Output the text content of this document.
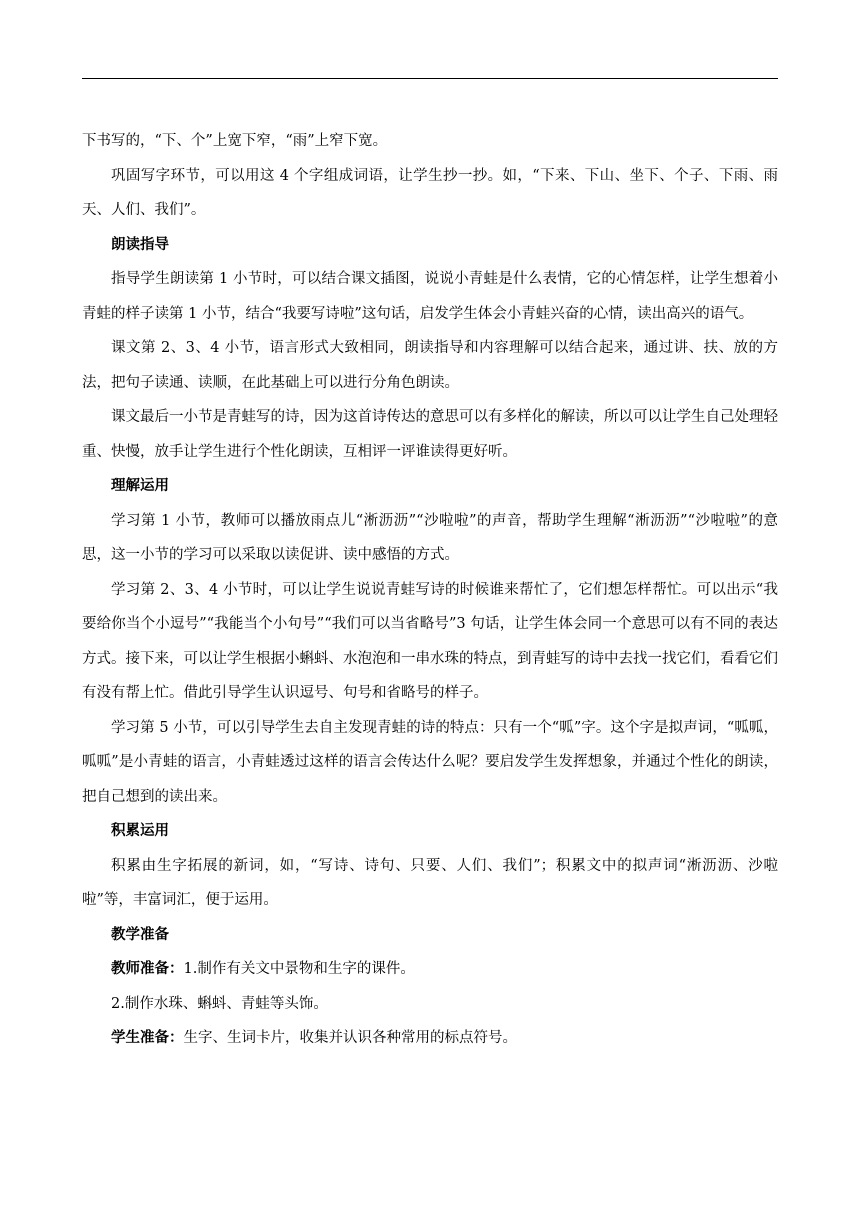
下书写的，“下、个”上宽下窄，“雨”上窄下宽。

巩固写字环节，可以用这 4 个字组成词语，让学生抄一抄。如，“下来、下山、坐下、个子、下雨、雨天、人们、我们”。

朗读指导

指导学生朗读第 1 小节时，可以结合课文插图，说说小青蛙是什么表情，它的心情怎样，让学生想着小青蛙的样子读第 1 小节，结合“我要写诗啦”这句话，启发学生体会小青蛙兴奋的心情，读出高兴的语气。

课文第 2、3、4 小节，语言形式大致相同，朗读指导和内容理解可以结合起来，通过讲、扶、放的方法，把句子读通、读顺，在此基础上可以进行分角色朗读。

课文最后一小节是青蛙写的诗，因为这首诗传达的意思可以有多样化的解读，所以可以让学生自己处理轻重、快慢，放手让学生进行个性化朗读，互相评一评谁读得更好听。

理解运用

学习第 1 小节，教师可以播放雨点儿“淅沥沥”“沙啦啦”的声音，帮助学生理解“淅沥沥”“沙啦啦”的意思，这一小节的学习可以采取以读促讲、读中感悟的方式。

学习第 2、3、4 小节时，可以让学生说说青蛙写诗的时候谁来帮忙了，它们想怎样帮忙。可以出示“我要给你当个小逗号”“我能当个小句号”“我们可以当省略号”3 句话，让学生体会同一个意思可以有不同的表达方式。接下来，可以让学生根据小蝌蚪、水泡泡和一串水珠的特点，到青蛙写的诗中去找一找它们，看看它们有没有帮上忙。借此引导学生认识逗号、句号和省略号的样子。

学习第 5 小节，可以引导学生去自主发现青蛙的诗的特点：只有一个“呱”字。这个字是拟声词，“呱呱，呱呱”是小青蛙的语言，小青蛙透过这样的语言会传达什么呢？要启发学生发挥想象，并通过个性化的朗读，把自己想到的读出来。

积累运用

积累由生字拓展的新词，如，“写诗、诗句、只要、人们、我们”；积累文中的拟声词“淅沥沥、沙啦啦”等，丰富词汇，便于运用。

教学准备

教师准备：1.制作有关文中景物和生字的课件。

2.制作水珠、蝌蚪、青蛙等头饰。

学生准备：生字、生词卡片，收集并认识各种常用的标点符号。
